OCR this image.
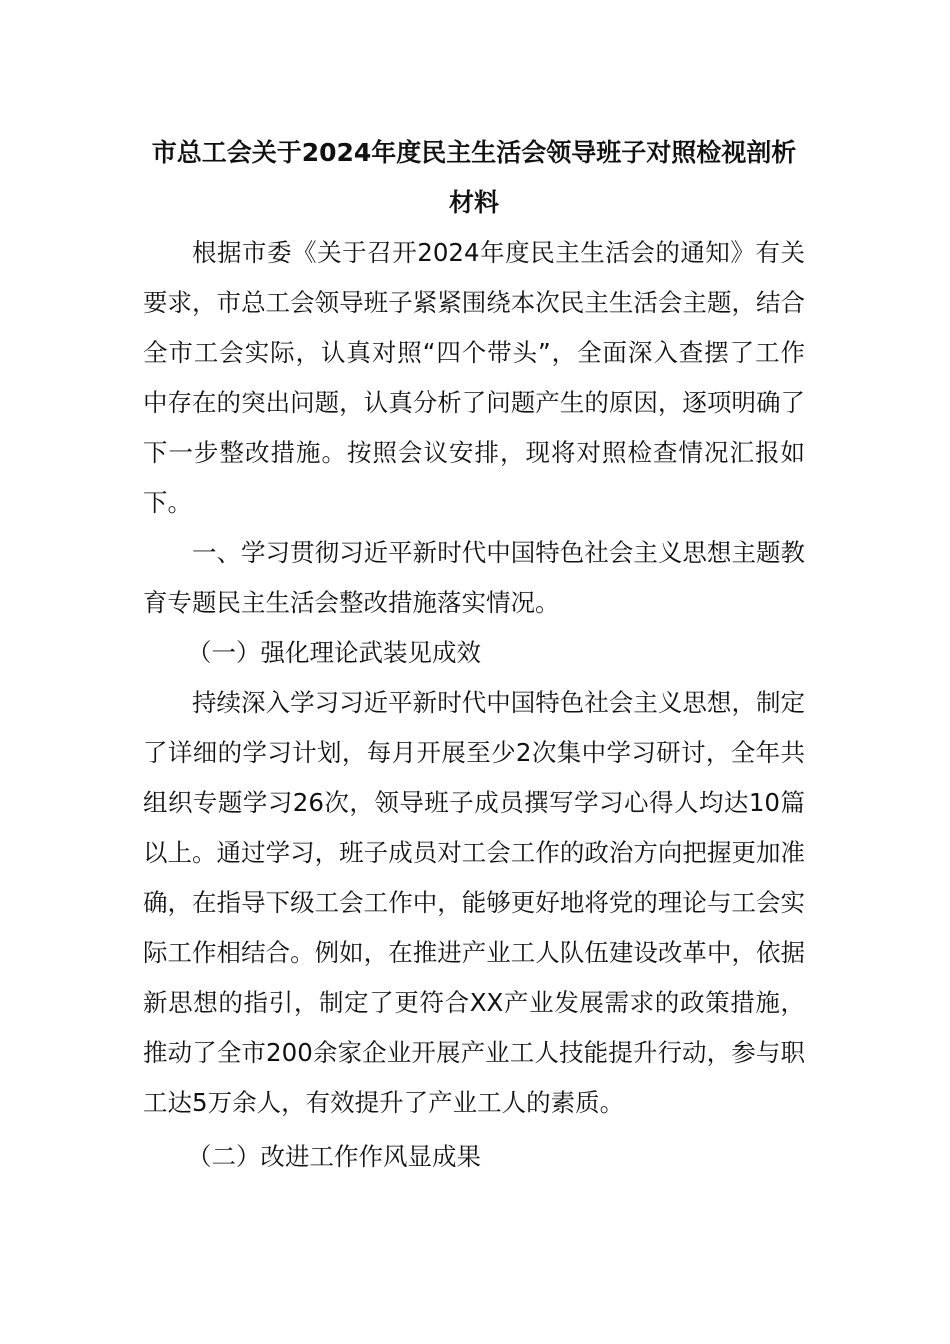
市总工会关于2024年度民主生活会领导班子对照检视剖析材料

根据市委《关于召开2024年度民主生活会的通知》有关要求，市总工会领导班子紧紧围绕本次民主生活会主题，结合全市工会实际，认真对照“四个带头”，全面深入查摆了工作中存在的突出问题，认真分析了问题产生的原因，逐项明确了下一步整改措施。按照会议安排，现将对照检查情况汇报如下。

一、学习贯彻习近平新时代中国特色社会主义思想主题教育专题民主生活会整改措施落实情况。

（一）强化理论武装见成效

持续深入学习习近平新时代中国特色社会主义思想，制定了详细的学习计划，每月开展至少2次集中学习研讨，全年共组织专题学习26次，领导班子成员撰写学习心得人均达10篇以上。通过学习，班子成员对工会工作的政治方向把握更加准确，在指导下级工会工作中，能够更好地将党的理论与工会实际工作相结合。例如，在推进产业工人队伍建设改革中，依据新思想的指引，制定了更符合XX产业发展需求的政策措施，推动了全市200余家企业开展产业工人技能提升行动，参与职工达5万余人，有效提升了产业工人的素质。

（二）改进工作作风显成果
